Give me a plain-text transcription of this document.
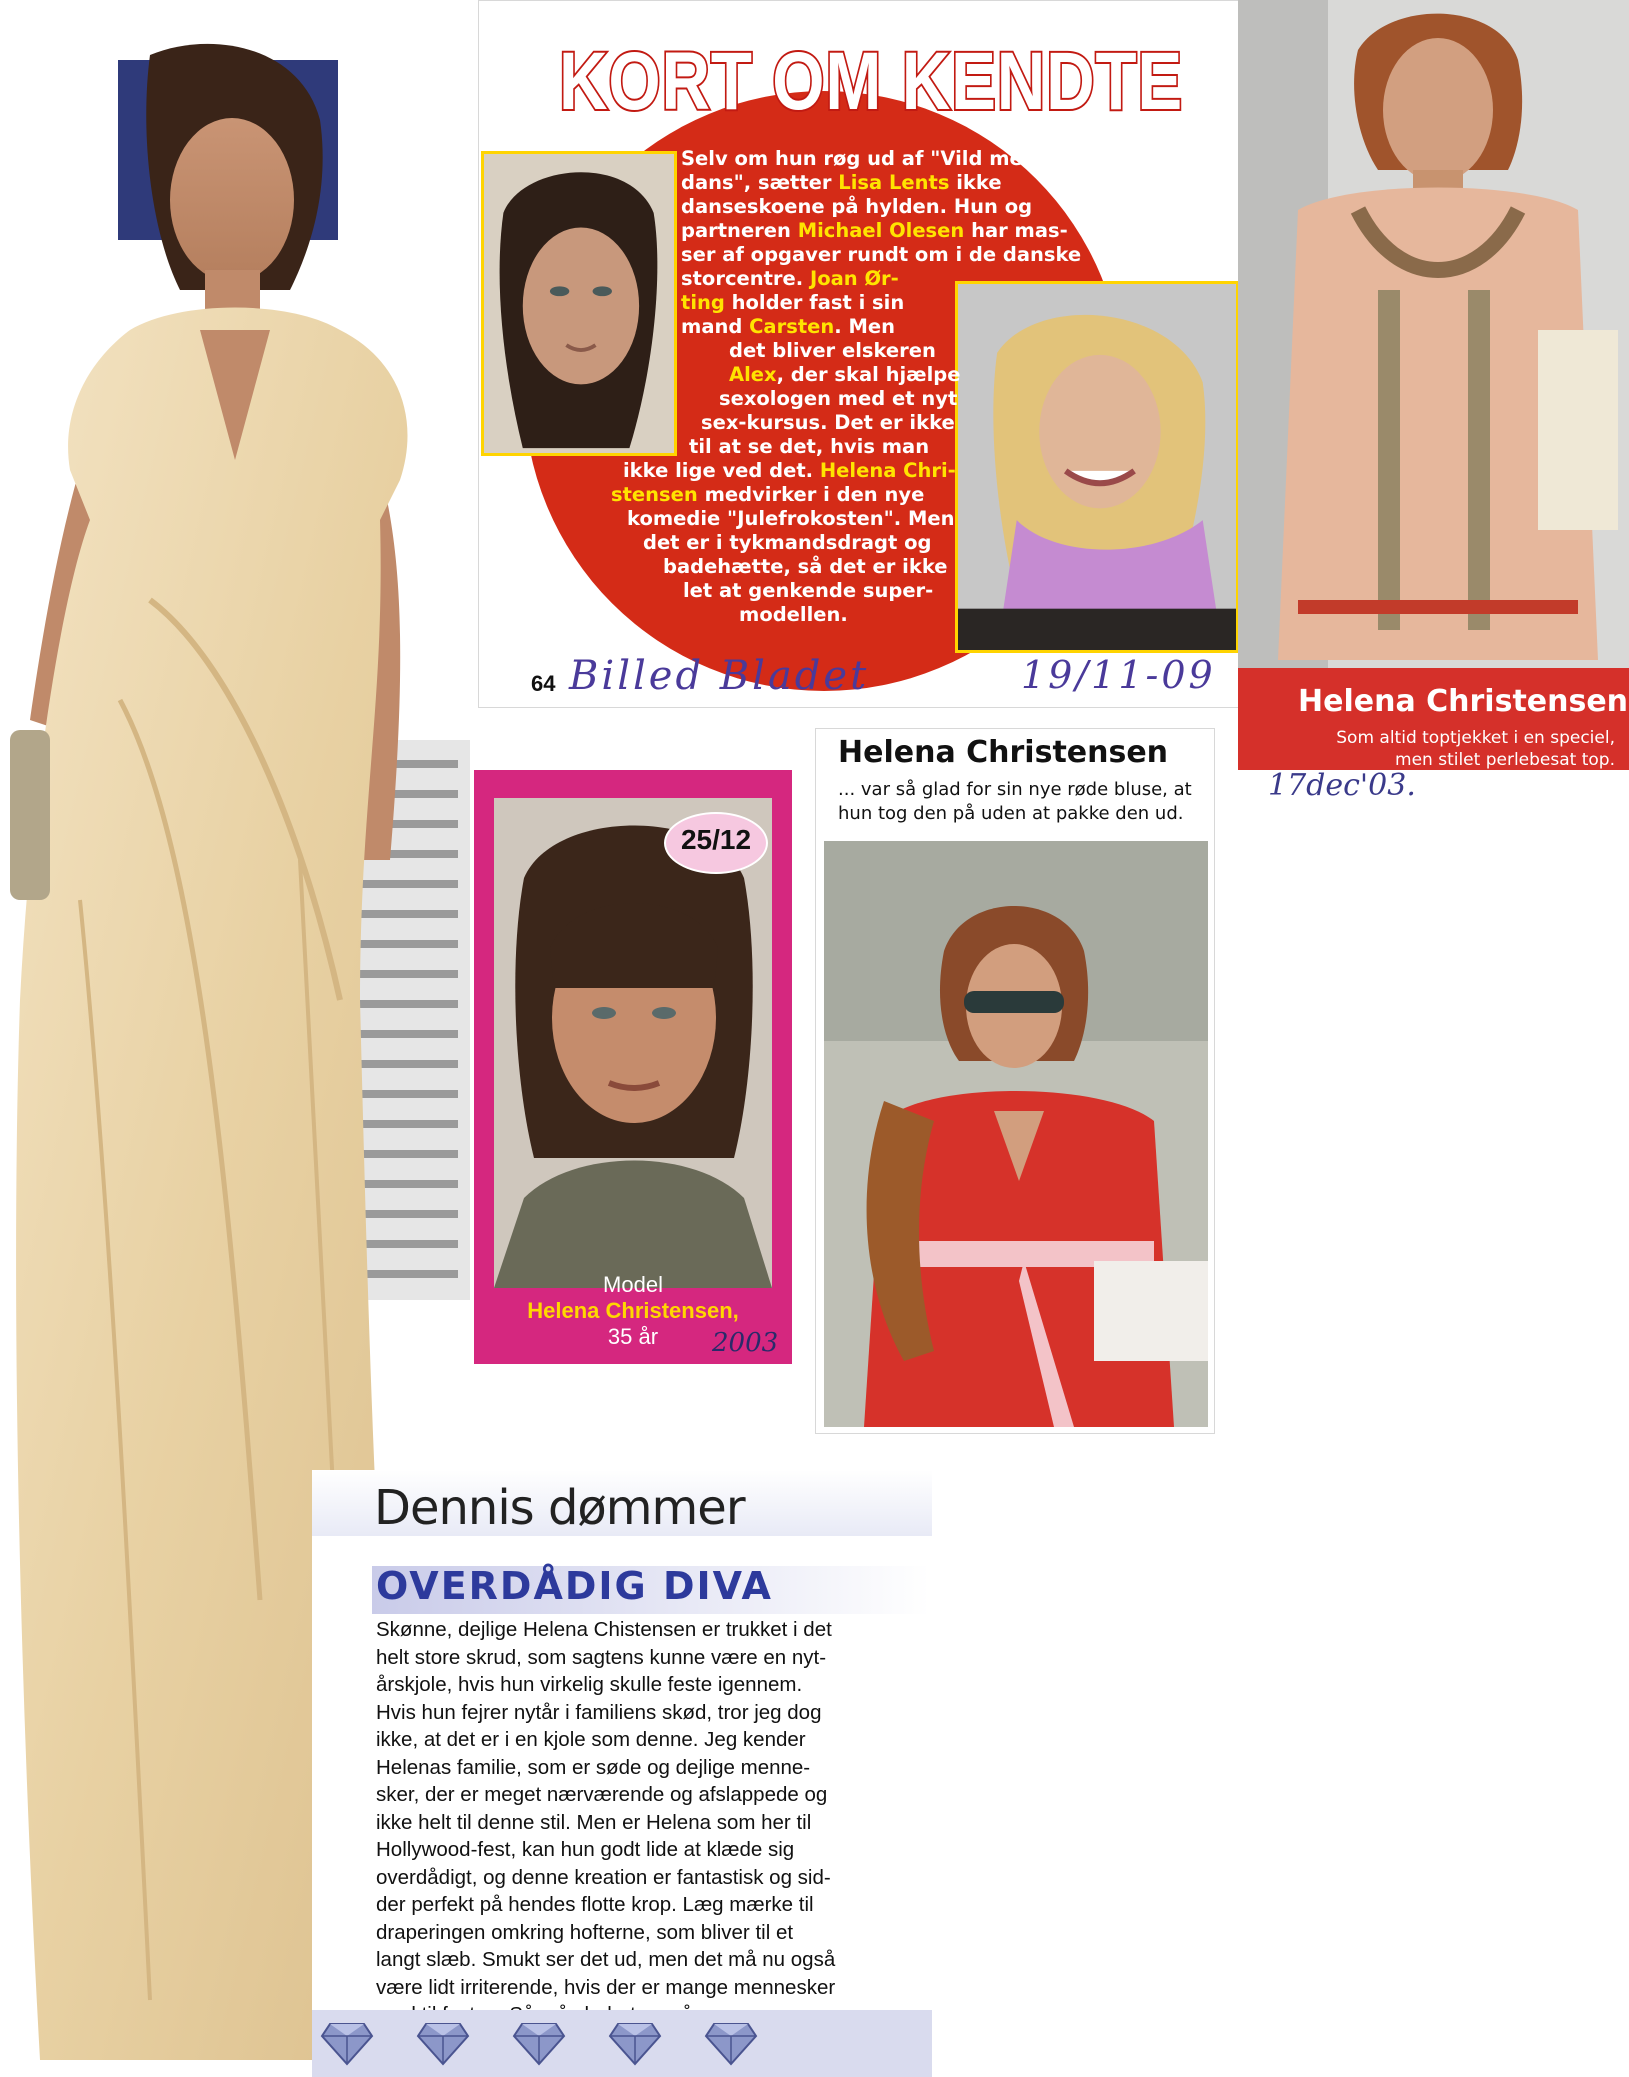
KORT OM KENDTE
Selv om hun røg ud af "Vild med
dans", sætter Lisa Lents ikke
danseskoene på hylden. Hun og
partneren Michael Olesen har mas-
ser af opgaver rundt om i de danske
storcentre. Joan Ør-
ting holder fast i sin
mand Carsten. Men
det bliver elskeren
Alex, der skal hjælpe
sexologen med et nyt
sex-kursus. Det er ikke
til at se det, hvis man
ikke lige ved det. Helena Chri-
stensen medvirker i den nye
komedie "Julefrokosten". Men
det er i tykmandsdragt og
badehætte, så det er ikke
let at genkende super-
modellen.
64 Billed Bladet	19/11-09
Helena Christensen
Som altid toptjekket i en speciel,
men stilet perlebesat top.
17dec'03.
25/12
Model
Helena Christensen,
35 år	2003
Helena Christensen
... var så glad for sin nye røde bluse, at
hun tog den på uden at pakke den ud.
Dennis dømmer
OVERDÅDIG DIVA
Skønne, dejlige Helena Chistensen er trukket i det
helt store skrud, som sagtens kunne være en nyt-
årskjole, hvis hun virkelig skulle feste igennem.
Hvis hun fejrer nytår i familiens skød, tror jeg dog
ikke, at det er i en kjole som denne. Jeg kender
Helenas familie, som er søde og dejlige menne-
sker, der er meget nærværende og afslappede og
ikke helt til denne stil. Men er Helena som her til
Hollywood-fest, kan hun godt lide at klæde sig
overdådigt, og denne kreation er fantastisk og sid-
der perfekt på hendes flotte krop. Læg mærke til
draperingen omkring hofterne, som bliver til et
langt slæb. Smukt ser det ud, men det må nu også
være lidt irriterende, hvis der er mange mennesker
